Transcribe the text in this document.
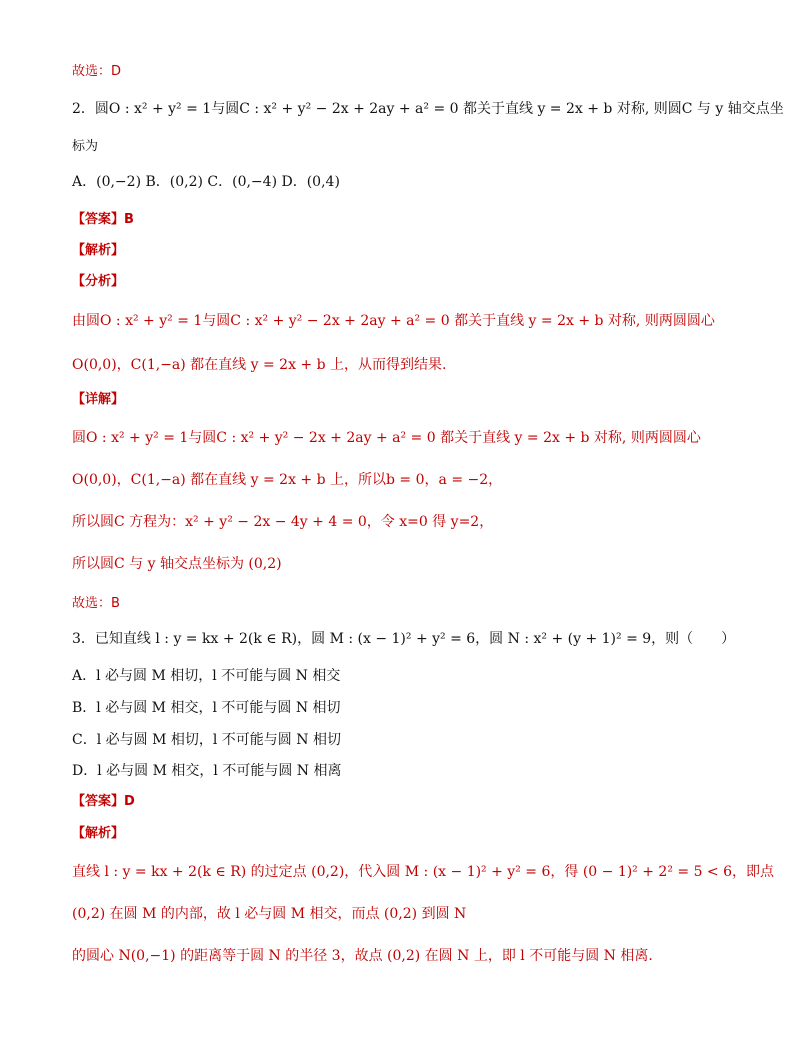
故选：D
2．圆O : x² + y² = 1与圆C : x² + y² − 2x + 2ay + a² = 0 都关于直线 y = 2x + b 对称, 则圆C 与 y 轴交点坐
标为
A．(0,−2) B．(0,2) C．(0,−4) D．(0,4)
【答案】B
【解析】
【分析】
由圆O : x² + y² = 1与圆C : x² + y² − 2x + 2ay + a² = 0 都关于直线 y = 2x + b 对称, 则两圆圆心
O(0,0)，C(1,−a) 都在直线 y = 2x + b 上，从而得到结果.
【详解】
圆O : x² + y² = 1与圆C : x² + y² − 2x + 2ay + a² = 0 都关于直线 y = 2x + b 对称, 则两圆圆心
O(0,0)，C(1,−a) 都在直线 y = 2x + b 上，所以b = 0，a = −2，
所以圆C 方程为：x² + y² − 2x − 4y + 4 = 0，令 x=0 得 y=2，
所以圆C 与 y 轴交点坐标为 (0,2)
故选：B
3．已知直线 l : y = kx + 2(k ∈ R)，圆 M : (x − 1)² + y² = 6，圆 N : x² + (y + 1)² = 9，则（　　）
A．l 必与圆 M 相切，l 不可能与圆 N 相交
B．l 必与圆 M 相交，l 不可能与圆 N 相切
C．l 必与圆 M 相切，l 不可能与圆 N 相切
D．l 必与圆 M 相交，l 不可能与圆 N 相离
【答案】D
【解析】
直线 l : y = kx + 2(k ∈ R) 的过定点 (0,2)，代入圆 M : (x − 1)² + y² = 6，得 (0 − 1)² + 2² = 5 < 6，即点
(0,2) 在圆 M 的内部，故 l 必与圆 M 相交，而点 (0,2) 到圆 N
的圆心 N(0,−1) 的距离等于圆 N 的半径 3，故点 (0,2) 在圆 N 上，即 l 不可能与圆 N 相离.
